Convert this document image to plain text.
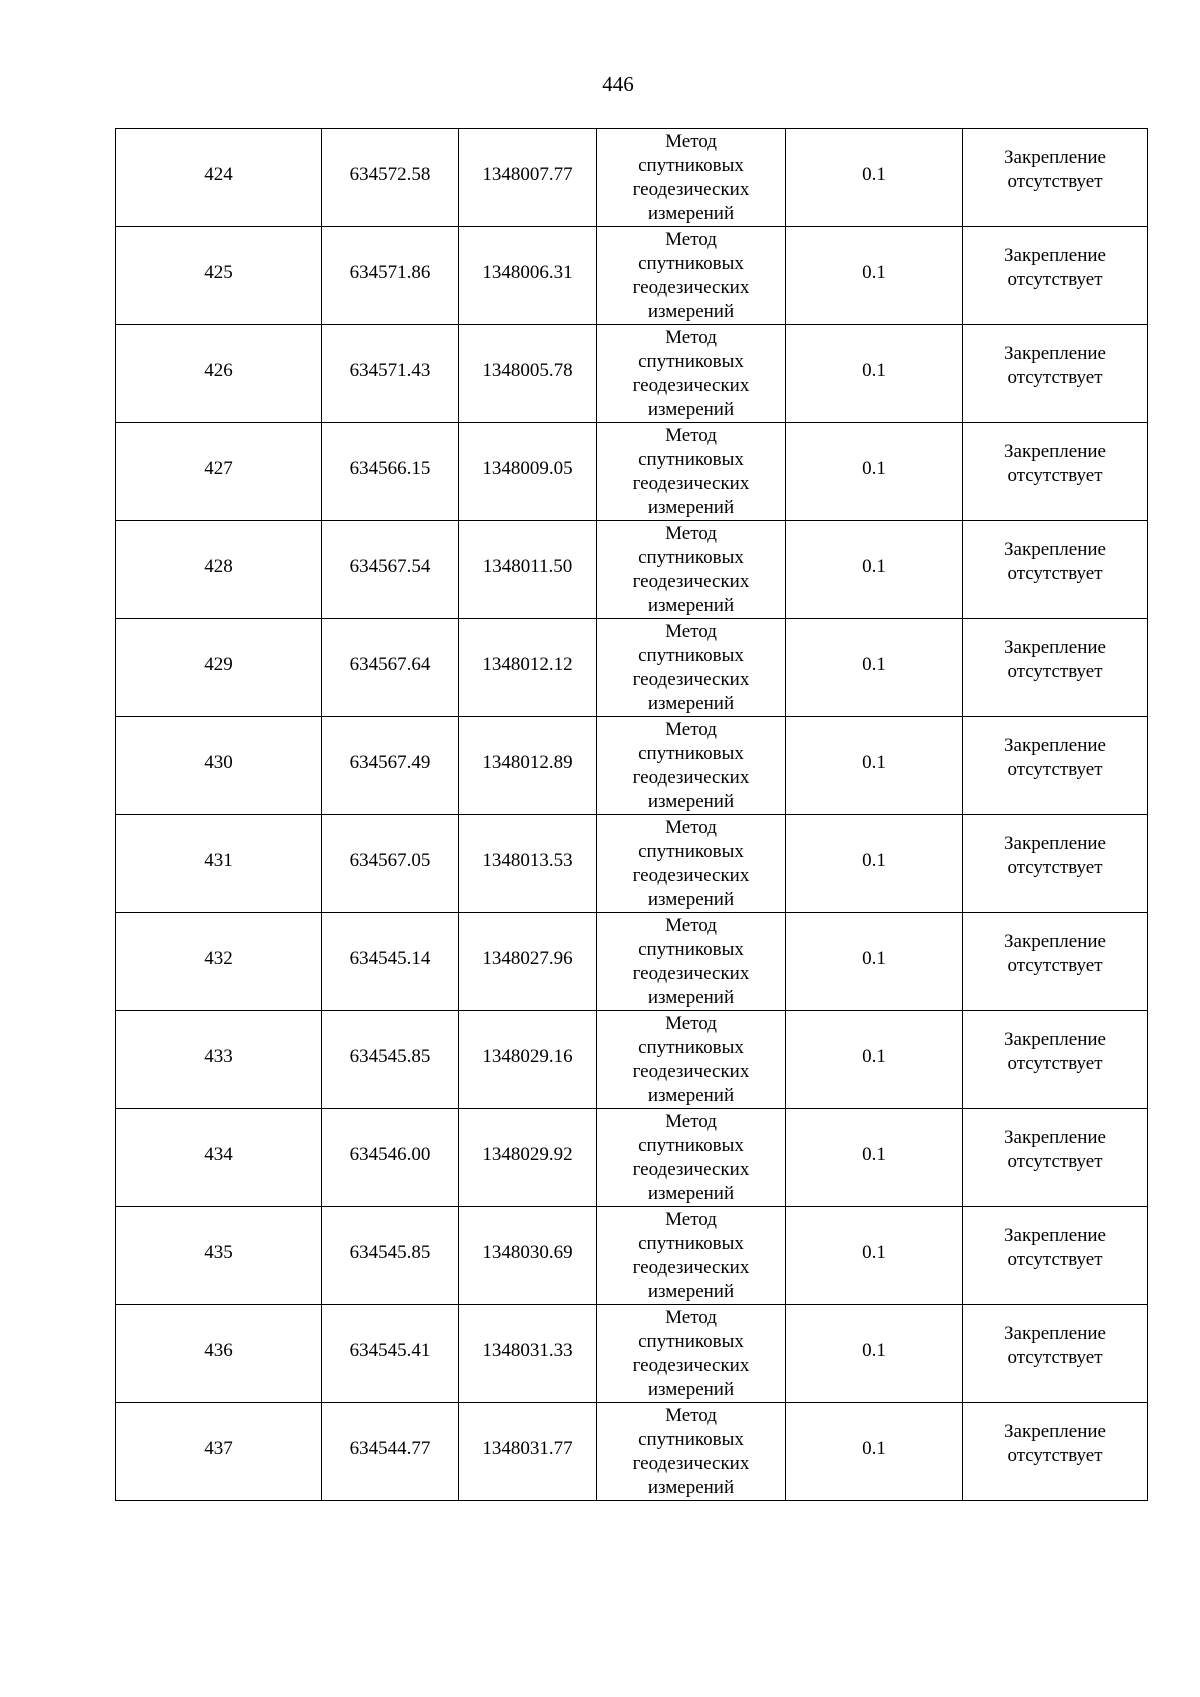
446
424	634572.58	1348007.77	Метод
спутниковых
геодезических
измерений	0.1	Закрепление
отсутствует

425	634571.86	1348006.31	Метод
спутниковых
геодезических
измерений	0.1	Закрепление
отсутствует

426	634571.43	1348005.78	Метод
спутниковых
геодезических
измерений	0.1	Закрепление
отсутствует

427	634566.15	1348009.05	Метод
спутниковых
геодезических
измерений	0.1	Закрепление
отсутствует

428	634567.54	1348011.50	Метод
спутниковых
геодезических
измерений	0.1	Закрепление
отсутствует

429	634567.64	1348012.12	Метод
спутниковых
геодезических
измерений	0.1	Закрепление
отсутствует

430	634567.49	1348012.89	Метод
спутниковых
геодезических
измерений	0.1	Закрепление
отсутствует

431	634567.05	1348013.53	Метод
спутниковых
геодезических
измерений	0.1	Закрепление
отсутствует

432	634545.14	1348027.96	Метод
спутниковых
геодезических
измерений	0.1	Закрепление
отсутствует

433	634545.85	1348029.16	Метод
спутниковых
геодезических
измерений	0.1	Закрепление
отсутствует

434	634546.00	1348029.92	Метод
спутниковых
геодезических
измерений	0.1	Закрепление
отсутствует

435	634545.85	1348030.69	Метод
спутниковых
геодезических
измерений	0.1	Закрепление
отсутствует

436	634545.41	1348031.33	Метод
спутниковых
геодезических
измерений	0.1	Закрепление
отсутствует

437	634544.77	1348031.77	Метод
спутниковых
геодезических
измерений	0.1	Закрепление
отсутствует
